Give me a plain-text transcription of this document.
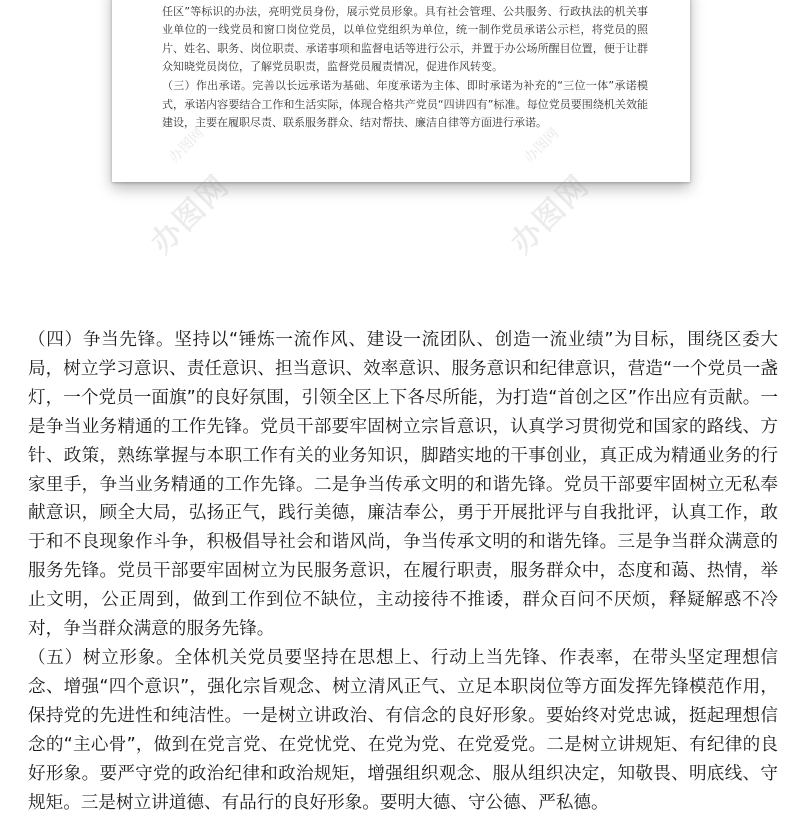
任区”等标识的办法，亮明党员身份，展示党员形象。具有社会管理、公共服务、行政执法的机关事业单位的一线党员和窗口岗位党员，以单位党组织为单位，统一制作党员承诺公示栏，将党员的照片、姓名、职务、岗位职责、承诺事项和监督电话等进行公示，并置于办公场所醒目位置，便于让群众知晓党员岗位，了解党员职责，监督党员履责情况，促进作风转变。

（三）作出承诺。完善以长远承诺为基础、年度承诺为主体、即时承诺为补充的“三位一体”承诺模式，承诺内容要结合工作和生活实际，体现合格共产党员“四讲四有”标准。每位党员要围绕机关效能建设，主要在履职尽责、联系服务群众、结对帮扶、廉洁自律等方面进行承诺。

办图网	办图网
办图网	办图网

（四）争当先锋。坚持以“锤炼一流作风、建设一流团队、创造一流业绩”为目标，围绕区委大局，树立学习意识、责任意识、担当意识、效率意识、服务意识和纪律意识，营造“一个党员一盏灯，一个党员一面旗”的良好氛围，引领全区上下各尽所能，为打造“首创之区”作出应有贡献。一是争当业务精通的工作先锋。党员干部要牢固树立宗旨意识，认真学习贯彻党和国家的路线、方针、政策，熟练掌握与本职工作有关的业务知识，脚踏实地的干事创业，真正成为精通业务的行家里手，争当业务精通的工作先锋。二是争当传承文明的和谐先锋。党员干部要牢固树立无私奉献意识，顾全大局，弘扬正气，践行美德，廉洁奉公，勇于开展批评与自我批评，认真工作，敢于和不良现象作斗争，积极倡导社会和谐风尚，争当传承文明的和谐先锋。三是争当群众满意的服务先锋。党员干部要牢固树立为民服务意识，在履行职责，服务群众中，态度和蔼、热情，举止文明，公正周到，做到工作到位不缺位，主动接待不推诿，群众百问不厌烦，释疑解惑不冷对，争当群众满意的服务先锋。

（五）树立形象。全体机关党员要坚持在思想上、行动上当先锋、作表率，在带头坚定理想信念、增强“四个意识”，强化宗旨观念、树立清风正气、立足本职岗位等方面发挥先锋模范作用，保持党的先进性和纯洁性。一是树立讲政治、有信念的良好形象。要始终对党忠诚，挺起理想信念的“主心骨”，做到在党言党、在党忧党、在党为党、在党爱党。二是树立讲规矩、有纪律的良好形象。要严守党的政治纪律和政治规矩，增强组织观念、服从组织决定，知敬畏、明底线、守规矩。三是树立讲道德、有品行的良好形象。要明大德、守公德、严私德。
